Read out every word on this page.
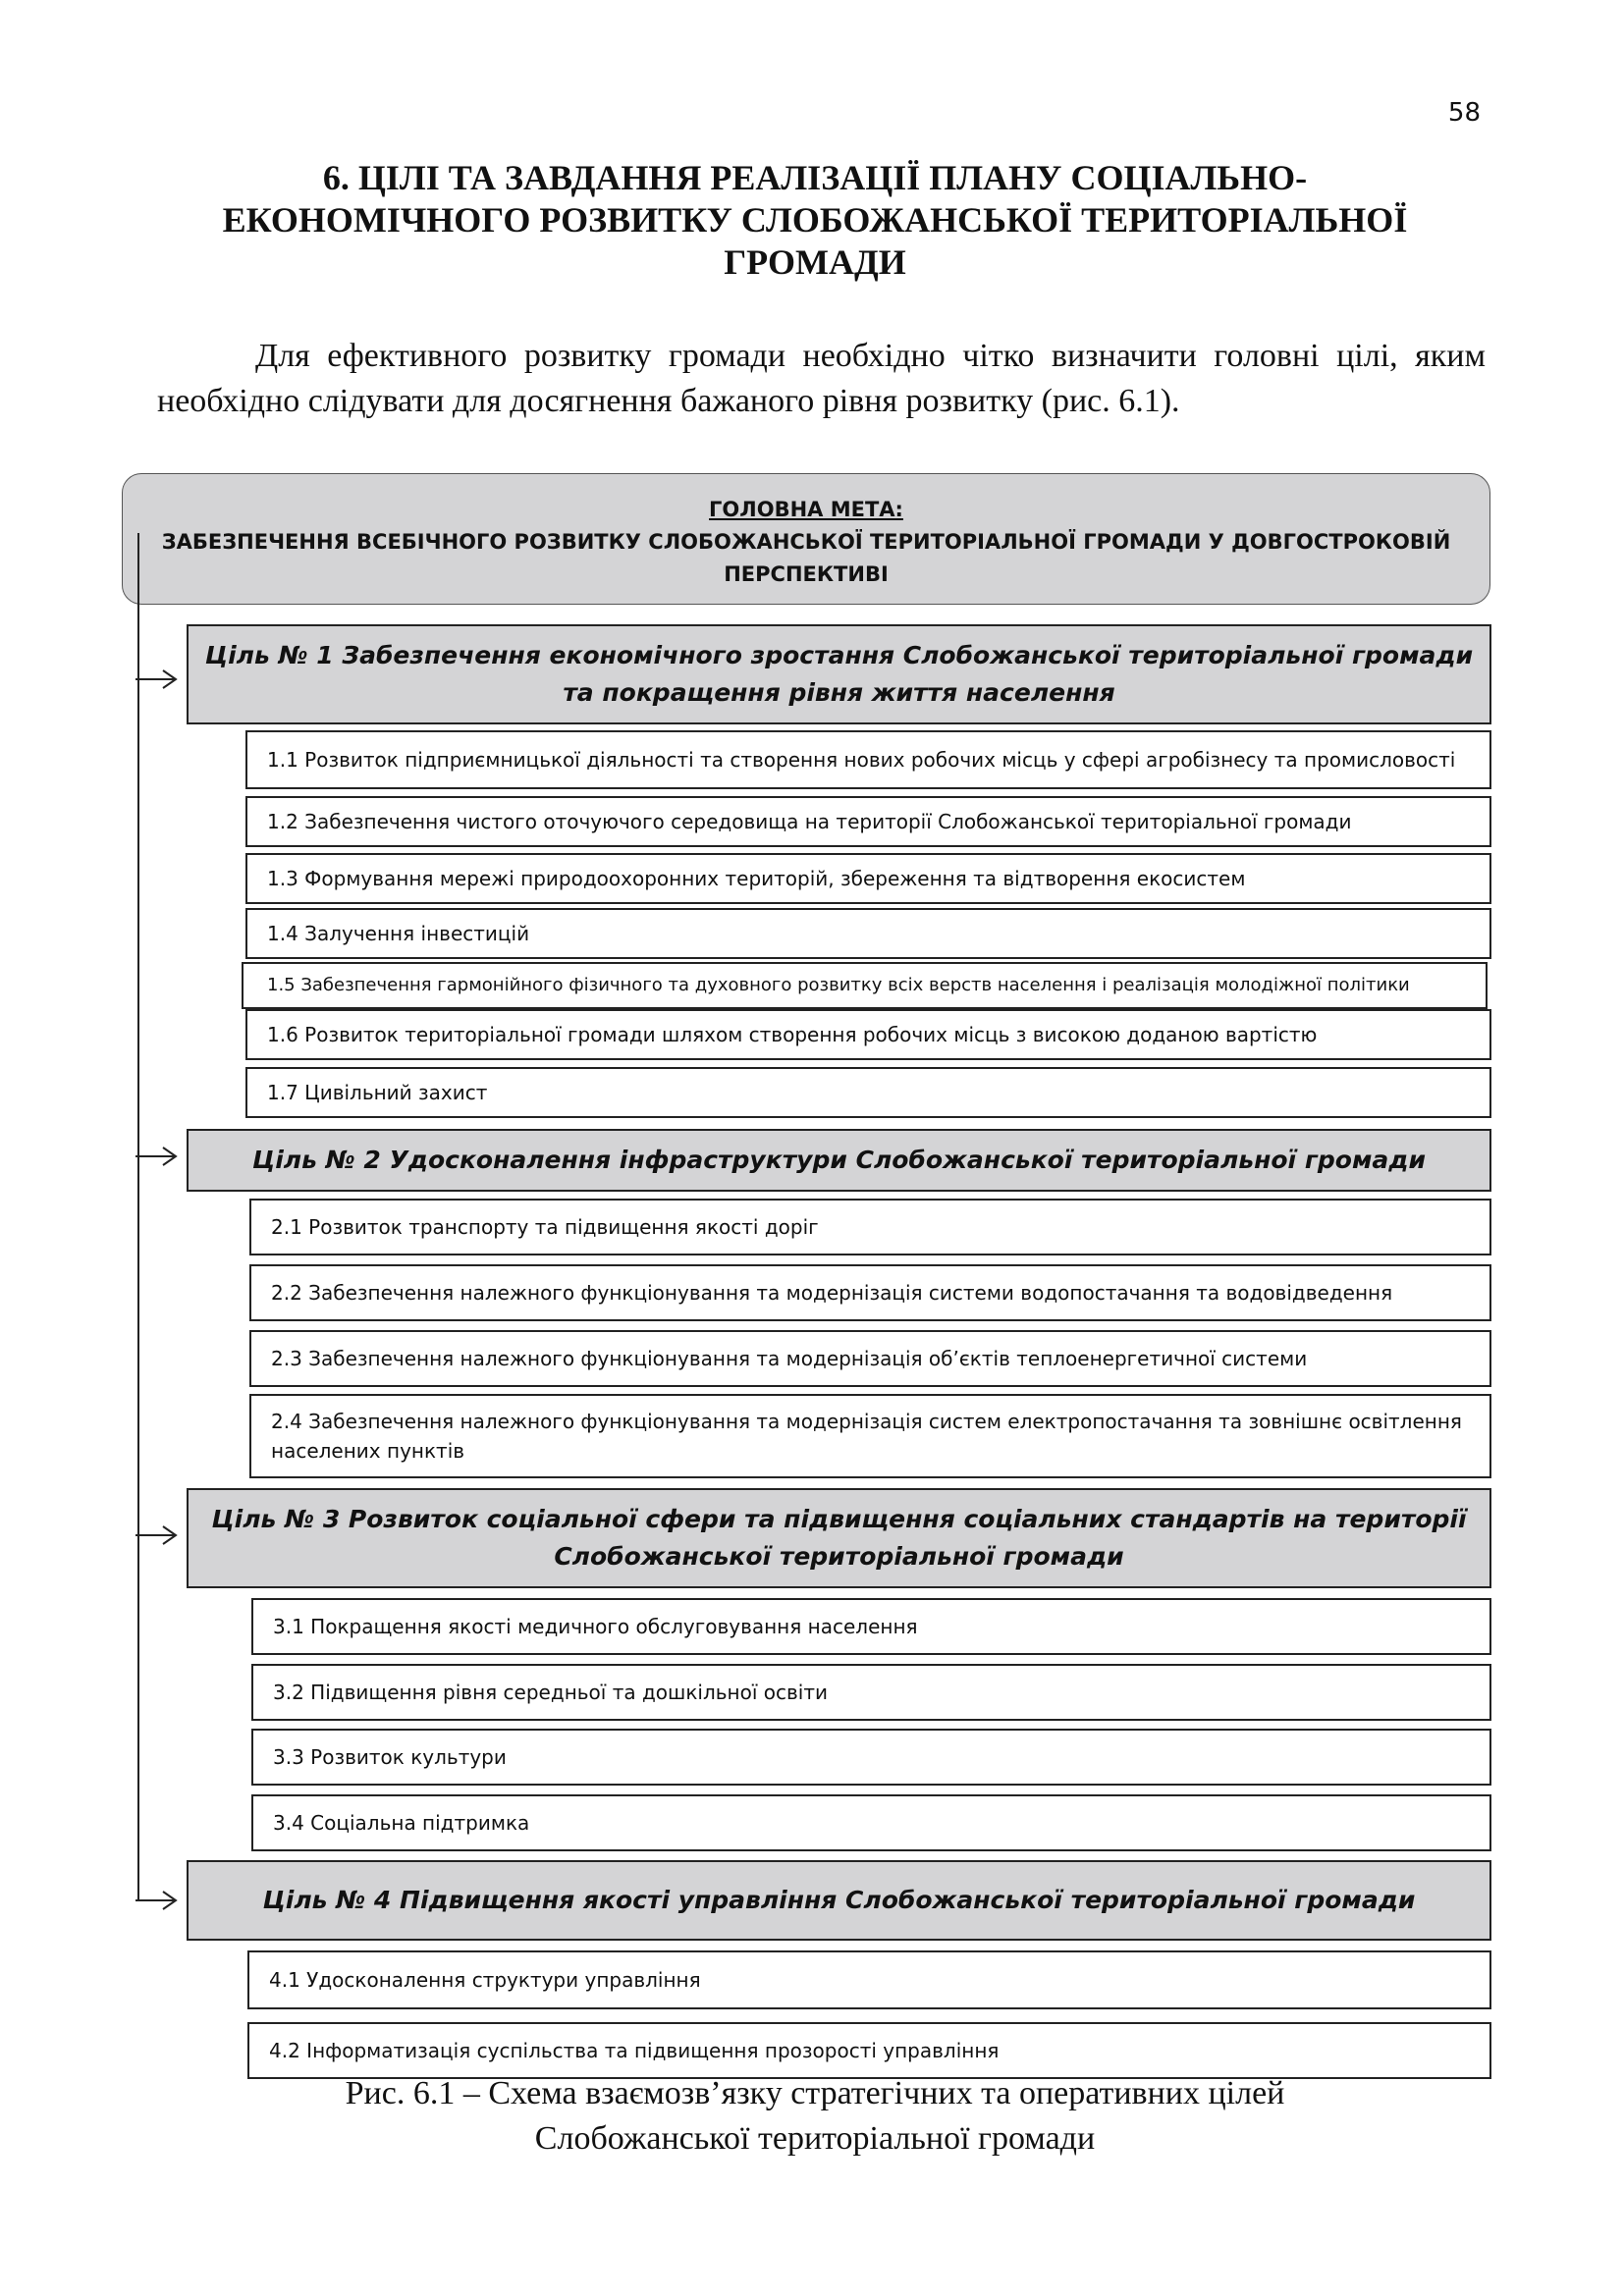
58
6. ЦІЛІ ТА ЗАВДАННЯ РЕАЛІЗАЦІЇ ПЛАНУ СОЦІАЛЬНО-
ЕКОНОМІЧНОГО РОЗВИТКУ СЛОБОЖАНСЬКОЇ ТЕРИТОРІАЛЬНОЇ
ГРОМАДИ
Для ефективного розвитку громади необхідно чітко визначити головні цілі, яким необхідно слідувати для досягнення бажаного рівня розвитку (рис. 6.1).
ГОЛОВНА МЕТА:
ЗАБЕЗПЕЧЕННЯ ВСЕБІЧНОГО РОЗВИТКУ СЛОБОЖАНСЬКОЇ ТЕРИТОРІАЛЬНОЇ ГРОМАДИ У ДОВГОСТРОКОВІЙ
ПЕРСПЕКТИВІ
Ціль № 1 Забезпечення економічного зростання Слобожанської територіальної громади
та покращення рівня життя населення
1.1 Розвиток підприємницької діяльності та створення нових робочих місць у сфері агробізнесу та промисловості
1.2 Забезпечення чистого оточуючого середовища на території Слобожанської територіальної громади
1.3 Формування мережі природоохоронних територій, збереження та відтворення екосистем
1.4 Залучення інвестицій
1.5 Забезпечення гармонійного фізичного та духовного розвитку всіх верств населення і реалізація молодіжної політики
1.6 Розвиток територіальної громади шляхом створення робочих місць з високою доданою вартістю
1.7 Цивільний захист
Ціль № 2 Удосконалення інфраструктури Слобожанської територіальної громади
2.1 Розвиток транспорту та підвищення якості доріг
2.2 Забезпечення належного функціонування та модернізація системи водопостачання та водовідведення
2.3 Забезпечення належного функціонування та модернізація об’єктів теплоенергетичної системи
2.4 Забезпечення належного функціонування та модернізація систем електропостачання та зовнішнє освітлення населених пунктів
Ціль № 3 Розвиток соціальної сфери та підвищення соціальних стандартів на території
Слобожанської територіальної громади
3.1 Покращення якості медичного обслуговування населення
3.2 Підвищення рівня середньої та дошкільної освіти
3.3 Розвиток культури
3.4 Соціальна підтримка
Ціль № 4 Підвищення якості управління Слобожанської територіальної громади
4.1 Удосконалення структури управління
4.2 Інформатизація суспільства та підвищення прозорості управління
Рис. 6.1 – Схема взаємозв’язку стратегічних та оперативних цілей
Слобожанської територіальної громади
